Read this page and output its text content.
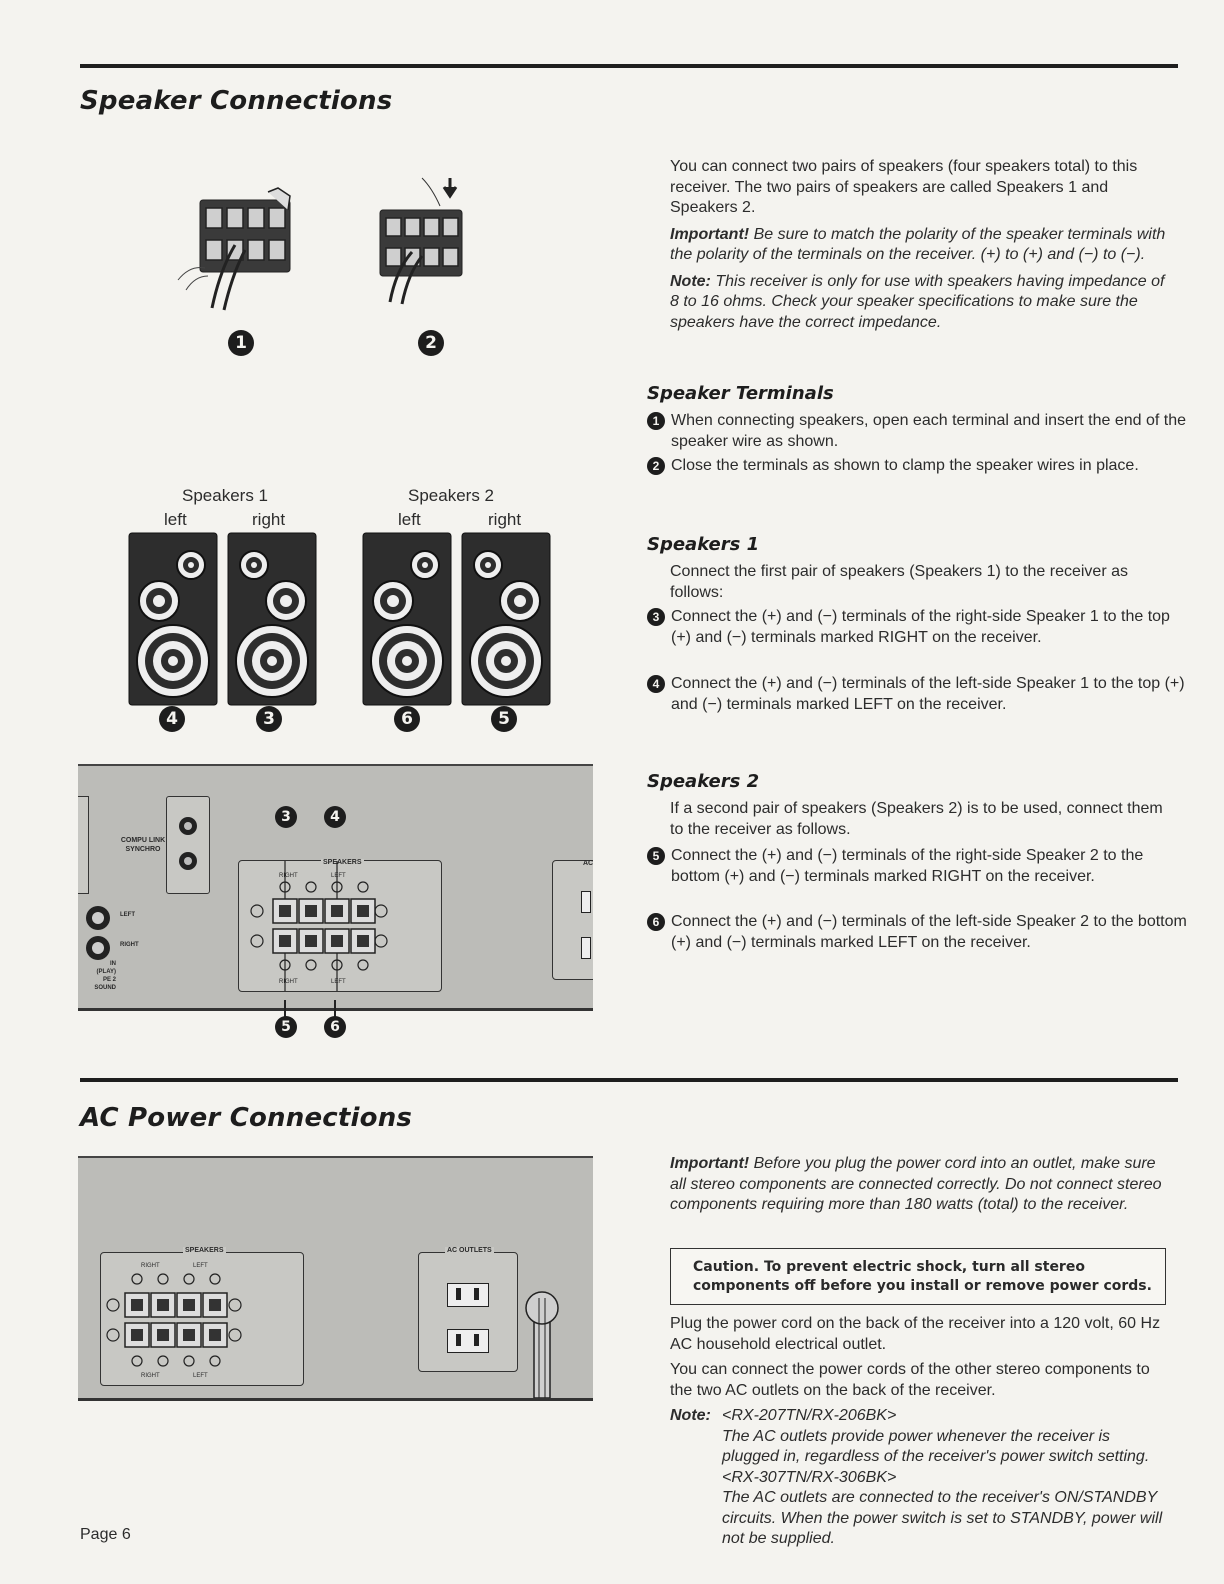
Speaker Connections
1	2
Speakers 1	Speakers 2
left	right	left	right
4	3	6	5
COMPU LINK
SYNCHRO
LEFT
RIGHT
IN
(PLAY)
PE 2
SOUND
SPEAKERS
RIGHT	LEFT
RIGHT	LEFT
AC
3	4
5	6

You can connect two pairs of speakers (four speakers total) to this receiver. The two pairs of speakers are called Speakers 1 and Speakers 2.

Important! Be sure to match the polarity of the speaker terminals with the polarity of the terminals on the receiver. (+) to (+) and (−) to (−).

Note: This receiver is only for use with speakers having impedance of 8 to 16 ohms. Check your speaker specifications to make sure the speakers have the correct impedance.

Speaker Terminals
1 When connecting speakers, open each terminal and insert the end of the speaker wire as shown.
2 Close the terminals as shown to clamp the speaker wires in place.
Speakers 1

Connect the first pair of speakers (Speakers 1) to the receiver as follows:

3 Connect the (+) and (−) terminals of the right-side Speaker 1 to the top (+) and (−) terminals marked RIGHT on the receiver.
4 Connect the (+) and (−) terminals of the left-side Speaker 1 to the top (+) and (−) terminals marked LEFT on the receiver.
Speakers 2

If a second pair of speakers (Speakers 2) is to be used, connect them to the receiver as follows.

5 Connect the (+) and (−) terminals of the right-side Speaker 2 to the bottom (+) and (−) terminals marked RIGHT on the receiver.
6 Connect the (+) and (−) terminals of the left-side Speaker 2 to the bottom (+) and (−) terminals marked LEFT on the receiver.
AC Power Connections
SPEAKERS
RIGHT	LEFT
RIGHT	LEFT
AC OUTLETS
Important! Before you plug the power cord into an outlet, make sure all stereo components are connected correctly. Do not connect stereo components requiring more than 180 watts (total) to the receiver.
Caution. To prevent electric shock, turn all stereo components off before you install or remove power cords.

Plug the power cord on the back of the receiver into a 120 volt, 60 Hz AC household electrical outlet.

You can connect the power cords of the other stereo components to the two AC outlets on the back of the receiver.

Note: <RX-207TN/RX-206BK>

The AC outlets provide power whenever the receiver is plugged in, regardless of the receiver's power switch setting.

<RX-307TN/RX-306BK>

The AC outlets are connected to the receiver's ON/STANDBY circuits. When the power switch is set to STANDBY, power will not be supplied.

Page 6
